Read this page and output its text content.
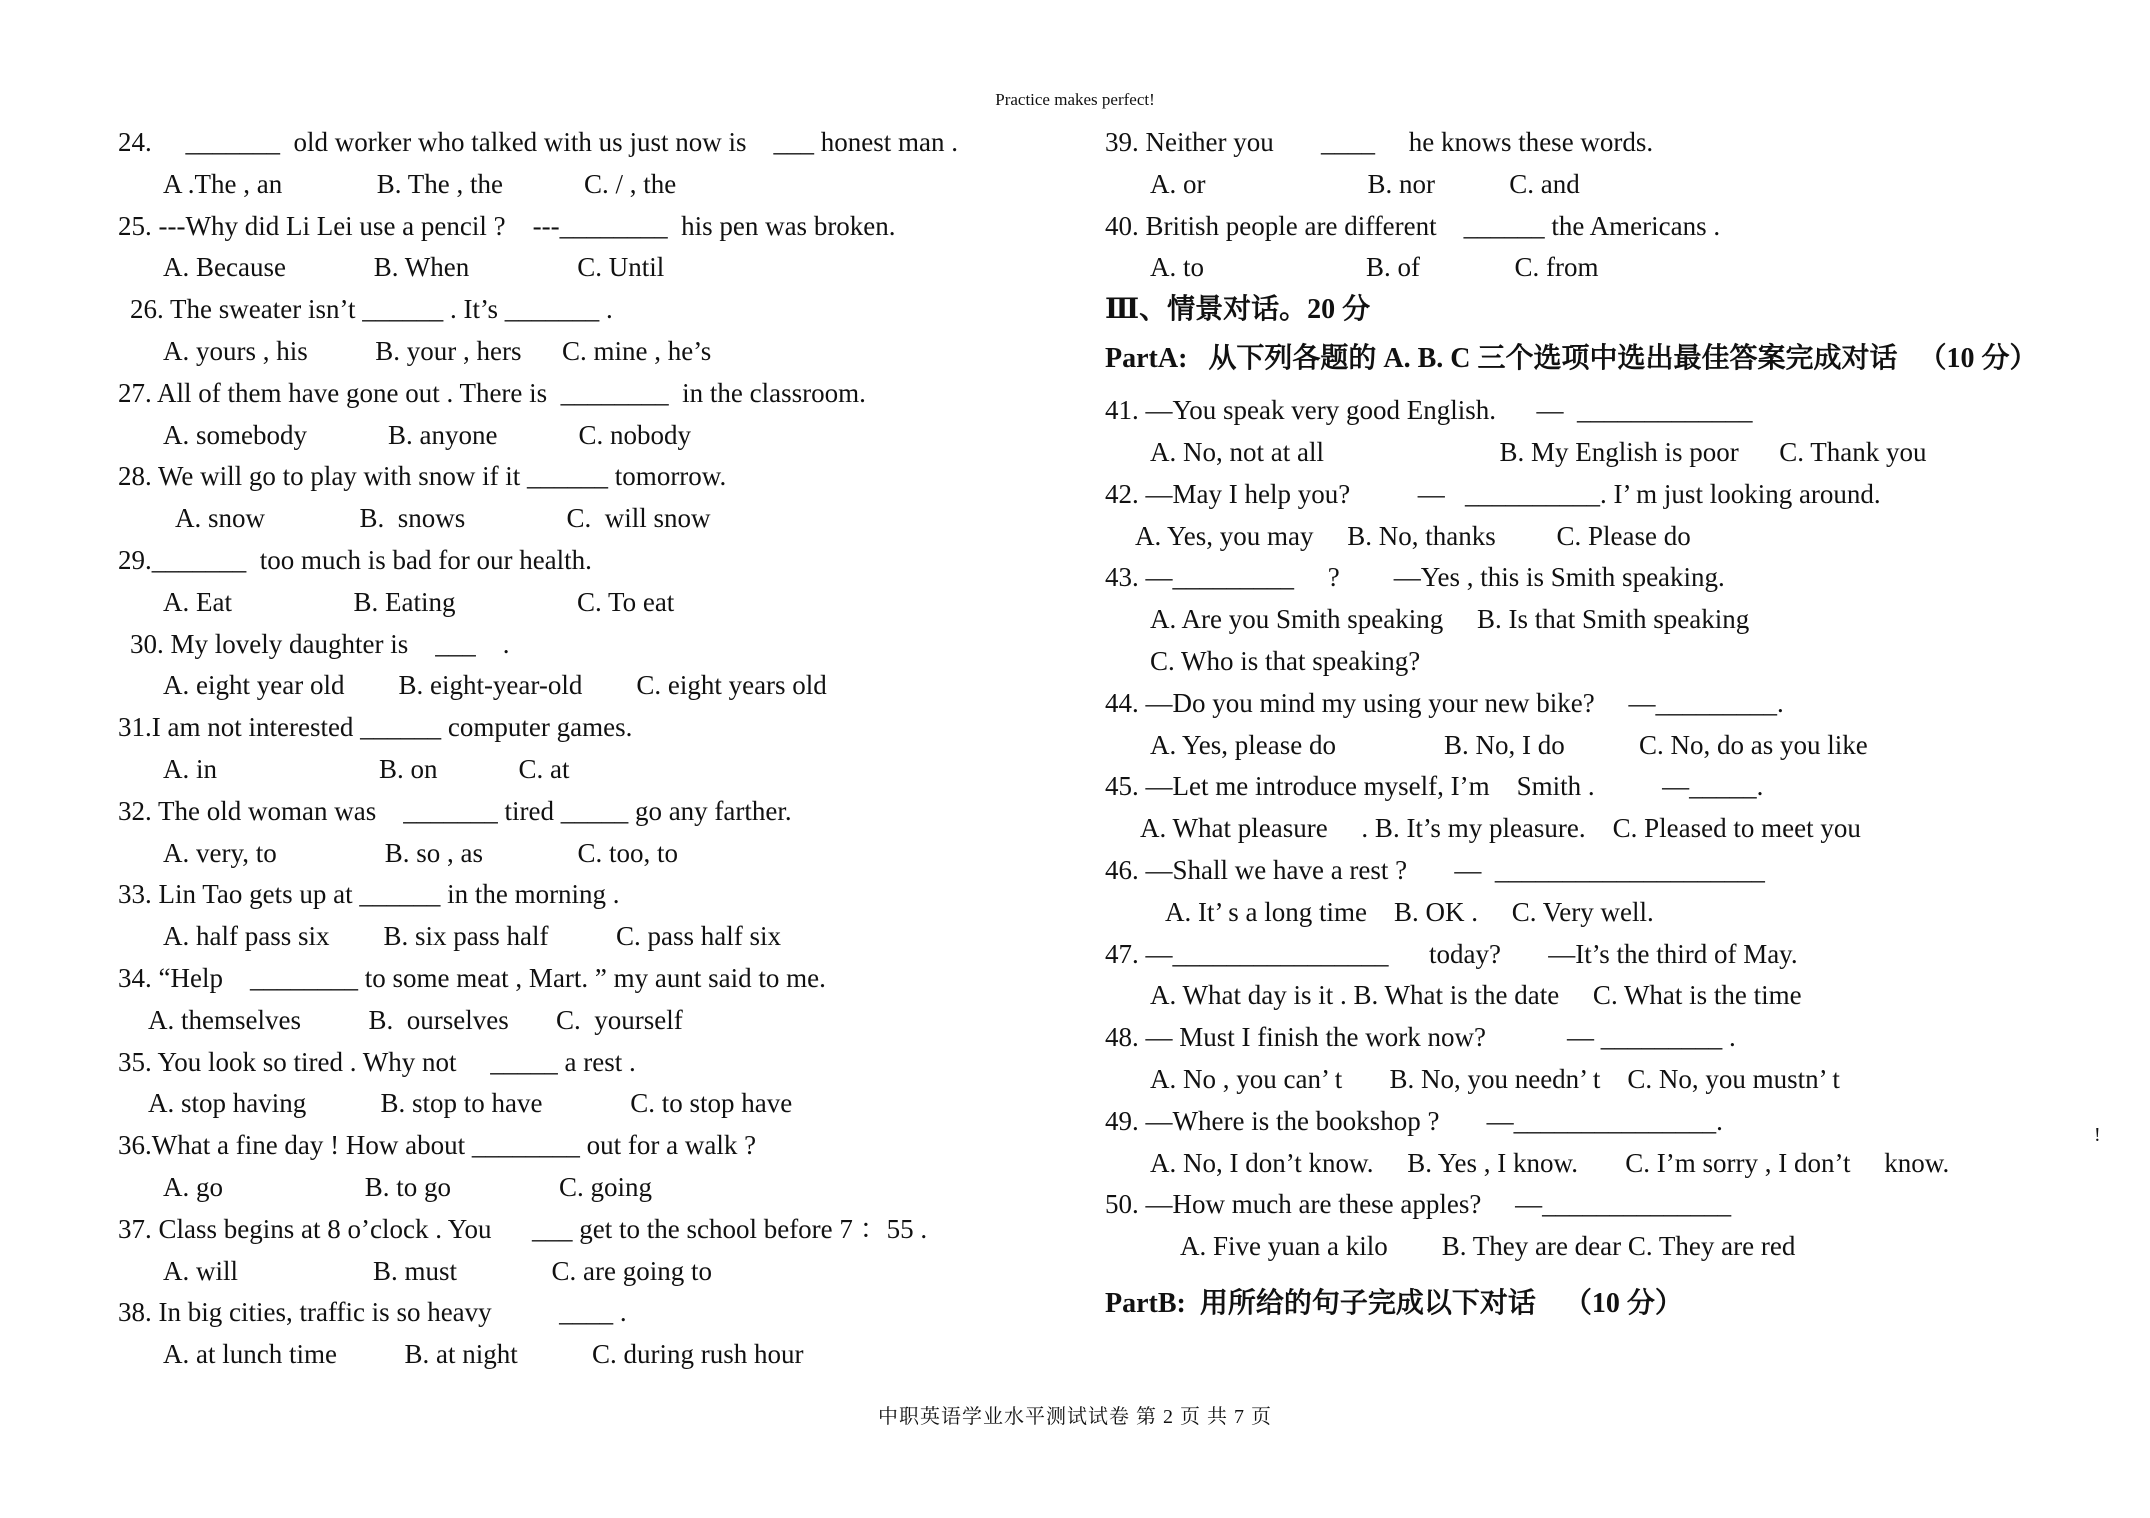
Practice makes perfect!
24.     _______  old worker who talked with us just now is    ___ honest man .
A .The , an              B. The , the            C. / , the
25. ---Why did Li Lei use a pencil ?    ---________  his pen was broken.
A. Because             B. When                C. Until
26. The sweater isn’t ______ . It’s _______ .
A. yours , his          B. your , hers      C. mine , he’s
27. All of them have gone out . There is  ________  in the classroom.
A. somebody            B. anyone            C. nobody
28. We will go to play with snow if it ______ tomorrow.
A. snow              B.  snows               C.  will snow
29._______  too much is bad for our health.
A. Eat                  B. Eating                  C. To eat
30. My lovely daughter is    ___    .
A. eight year old        B. eight-year-old        C. eight years old
31.I am not interested ______ computer games.
A. in                        B. on            C. at
32. The old woman was    _______ tired _____ go any farther.
A. very, to                B. so , as              C. too, to
33. Lin Tao gets up at ______ in the morning .
A. half pass six        B. six pass half          C. pass half six
34. “Help    ________ to some meat , Mart. ” my aunt said to me.
A. themselves          B.  ourselves       C.  yourself
35. You look so tired . Why not     _____ a rest .
A. stop having           B. stop to have             C. to stop have
36.What a fine day ! How about ________ out for a walk ?
A. go                     B. to go                C. going
37. Class begins at 8 o’clock . You      ___ get to the school before 7 ：55 .
A. will                    B. must              C. are going to
38. In big cities, traffic is so heavy          ____ .
A. at lunch time          B. at night           C. during rush hour
39. Neither you       ____     he knows these words.
A. or                        B. nor           C. and
40. British people are different    ______ the Americans .
A. to                        B. of              C. from
Ⅲ、情景对话。20 分
PartA:   从下列各题的 A. B. C 三个选项中选出最佳答案完成对话   （10 分）
41. —You speak very good English.      —  _____________
A. No, not at all                          B. My English is poor      C. Thank you
42. —May I help you?          —   __________. I’ m just looking around.
A. Yes, you may     B. No, thanks         C. Please do
43. —_________     ?        —Yes , this is Smith speaking.
A. Are you Smith speaking     B. Is that Smith speaking
C. Who is that speaking?
44. —Do you mind my using your new bike?     —_________.
A. Yes, please do                B. No, I do           C. No, do as you like
45. —Let me introduce myself, I’m    Smith .          —_____.
A. What pleasure     . B. It’s my pleasure.    C. Pleased to meet you
46. —Shall we have a rest ?       —  ____________________
A. It’ s a long time    B. OK .     C. Very well.
47. —________________      today?       —It’s the third of May.
A. What day is it . B. What is the date     C. What is the time
48. — Must I finish the work now?            — _________ .
A. No , you can’ t       B. No, you needn’ t    C. No, you mustn’ t
49. —Where is the bookshop ?       —_______________.
A. No, I don’t know.     B. Yes , I know.       C. I’m sorry , I don’t     know.
50. —How much are these apples?     —______________
A. Five yuan a kilo        B. They are dear C. They are red
PartB:  用所给的句子完成以下对话    （10 分）
!
中职英语学业水平测试试卷 第 2 页 共 7 页
